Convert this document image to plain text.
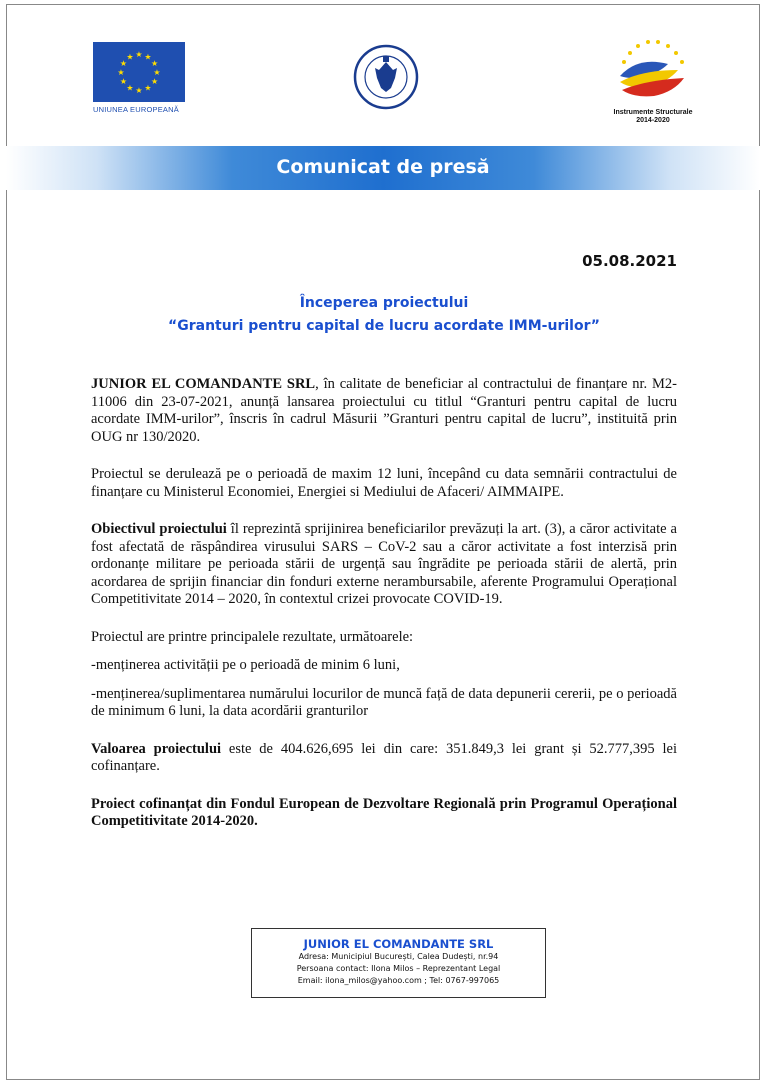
★ ★
★
★
★
★
★
★
★
★
★
★
UNIUNEA EUROPEANĂ	Instrumente Structurale
2014-2020
Comunicat de presă
05.08.2021
Începerea proiectului
“Granturi pentru capital de lucru acordate IMM-urilor”

JUNIOR EL COMANDANTE SRL, în calitate de beneficiar al contractului de finanțare nr. M2-11006 din 23-07-2021, anunță lansarea proiectului cu titlul “Granturi pentru capital de lucru acordate IMM-urilor”, înscris în cadrul Măsurii ”Granturi pentru capital de lucru”, instituită prin OUG nr 130/2020.

Proiectul se derulează pe o perioadă de maxim 12 luni, începând cu data semnării contractului de finanțare cu Ministerul Economiei, Energiei si Mediului de Afaceri/ AIMMAIPE.

Obiectivul proiectului îl reprezintă sprijinirea beneficiarilor prevăzuți la art. (3), a căror activitate a fost afectată de răspândirea virusului SARS – CoV-2 sau a căror activitate a fost interzisă prin ordonanțe militare pe perioada stării de urgență sau îngrădite pe perioada stării de alertă, prin acordarea de sprijin financiar din fonduri externe nerambursabile, aferente Programului Operațional Competitivitate 2014 – 2020, în contextul crizei provocate COVID-19.

Proiectul are printre principalele rezultate, următoarele:

-menținerea activității pe o perioadă de minim 6 luni,

-menținerea/suplimentarea numărului locurilor de muncă față de data depunerii cererii, pe o perioadă de minimum 6 luni, la data acordării granturilor

Valoarea proiectului este de 404.626,695 lei din care: 351.849,3 lei grant și 52.777,395 lei cofinanțare.

Proiect cofinanțat din Fondul European de Dezvoltare Regională prin Programul Operațional Competitivitate 2014-2020.

JUNIOR EL COMANDANTE SRL
Adresa: Municipiul București, Calea Dudești, nr.94
Persoana contact: Ilona Milos – Reprezentant Legal
Email: ilona_milos@yahoo.com ; Tel: 0767-997065
